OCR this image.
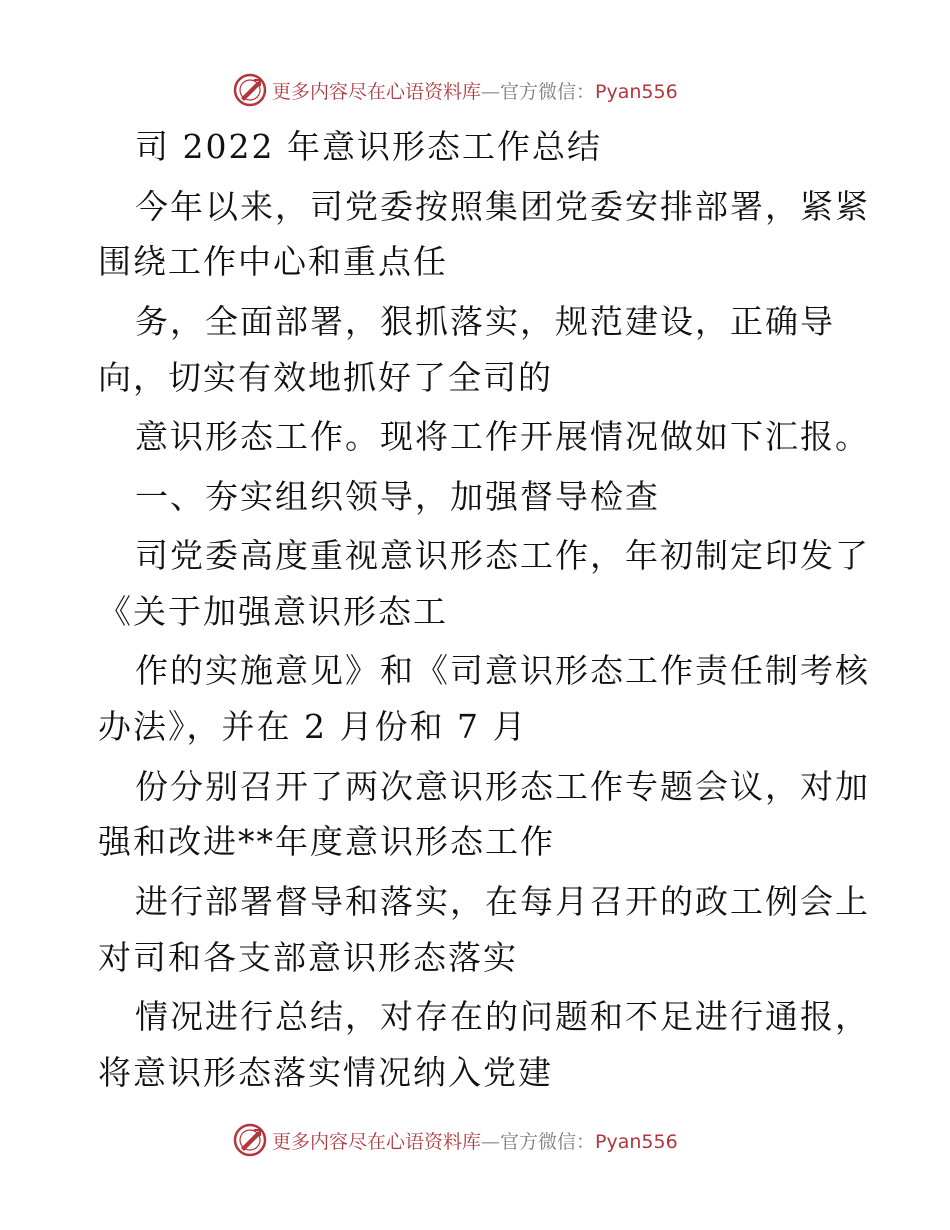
更多内容尽在心语资料库—官方微信：Pyan556
司 2022 年意识形态工作总结
今年以来，司党委按照集团党委安排部署，紧紧
围绕工作中心和重点任
务，全面部署，狠抓落实，规范建设，正确导
向，切实有效地抓好了全司的
意识形态工作。现将工作开展情况做如下汇报。
一、夯实组织领导，加强督导检查
司党委高度重视意识形态工作，年初制定印发了
《关于加强意识形态工
作的实施意见》和《司意识形态工作责任制考核
办法》，并在 2 月份和 7 月
份分别召开了两次意识形态工作专题会议，对加
强和改进**年度意识形态工作
进行部署督导和落实，在每月召开的政工例会上
对司和各支部意识形态落实
情况进行总结，对存在的问题和不足进行通报，
将意识形态落实情况纳入党建
更多内容尽在心语资料库—官方微信：Pyan556
